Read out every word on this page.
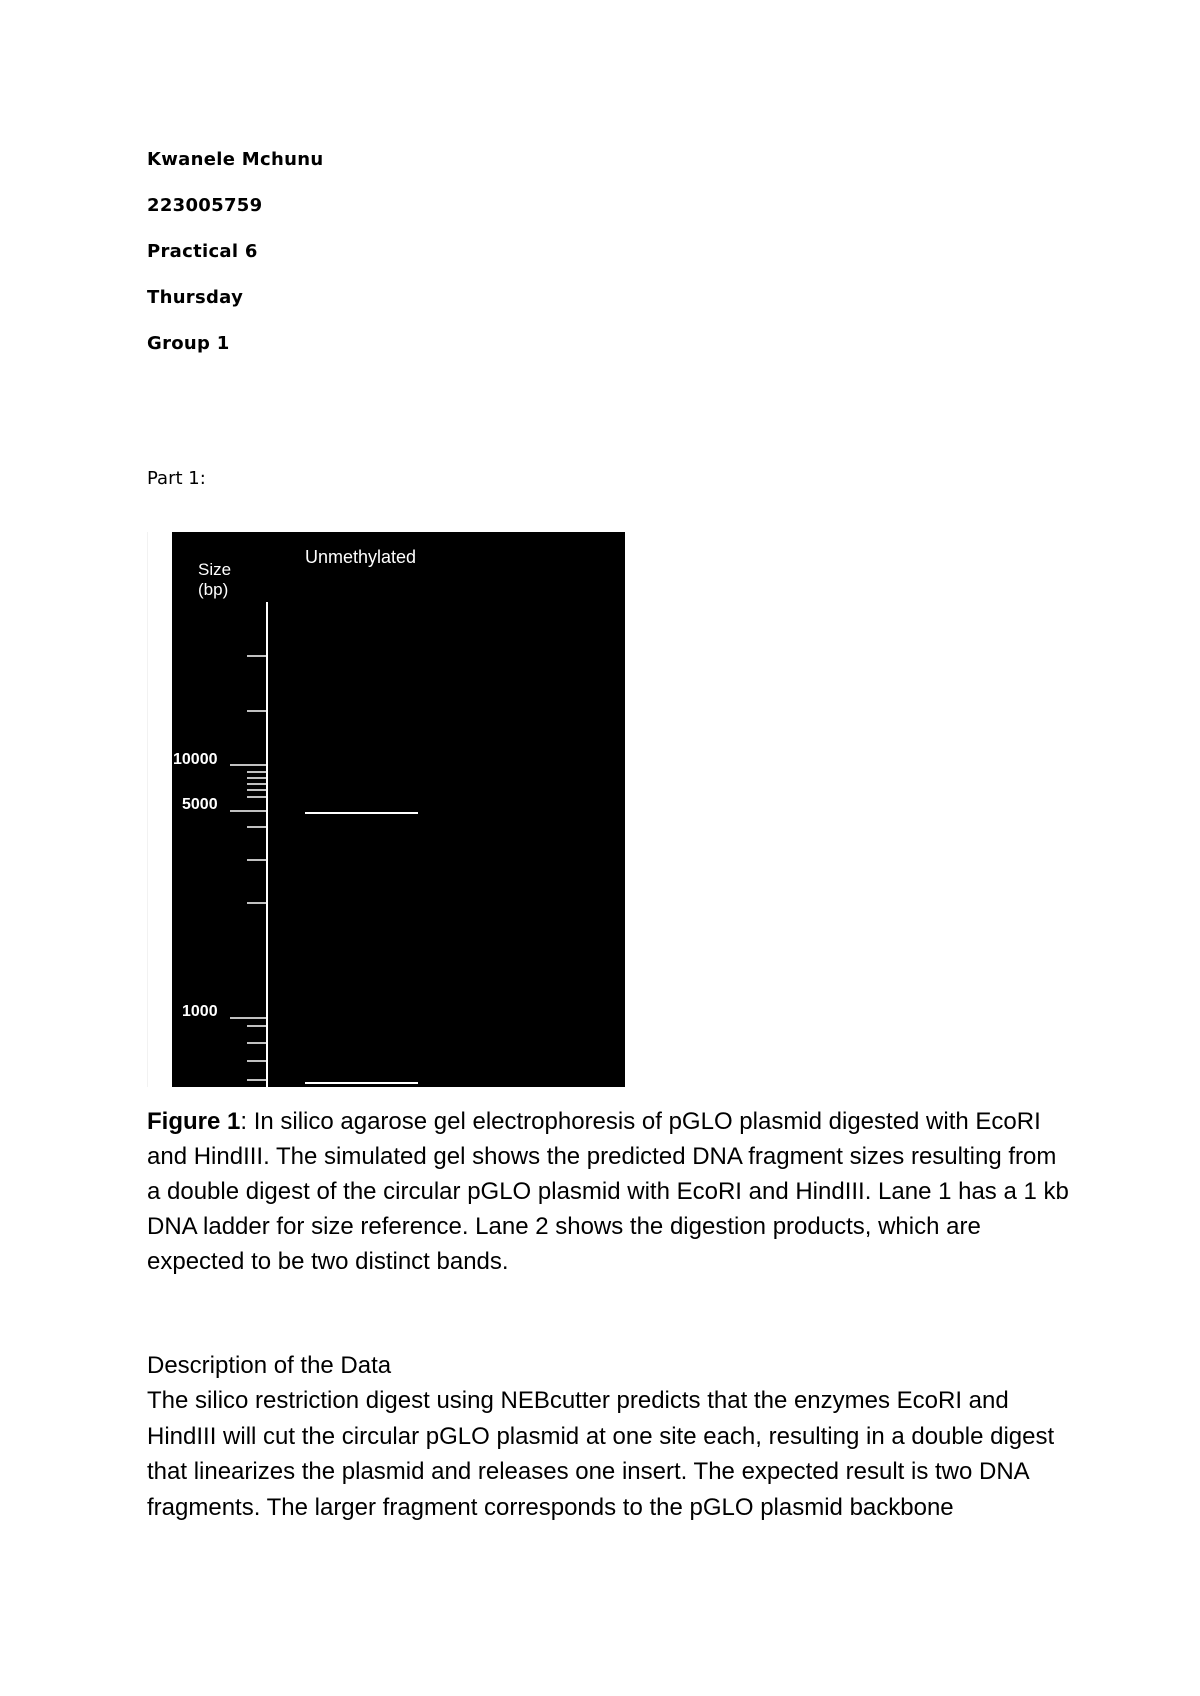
Kwanele Mchunu

223005759

Practical 6

Thursday

Group 1

Part 1:

Unmethylated
Size
(bp)
10000
5000
1000

Figure 1: In silico agarose gel electrophoresis of pGLO plasmid digested with EcoRI and HindIII. The simulated gel shows the predicted DNA fragment sizes resulting from a double digest of the circular pGLO plasmid with EcoRI and HindIII. Lane 1 has a 1 kb DNA ladder for size reference. Lane 2 shows the digestion products, which are expected to be two distinct bands.

Description of the Data

The silico restriction digest using NEBcutter predicts that the enzymes EcoRI and HindIII will cut the circular pGLO plasmid at one site each, resulting in a double digest that linearizes the plasmid and releases one insert. The expected result is two DNA fragments. The larger fragment corresponds to the pGLO plasmid backbone
